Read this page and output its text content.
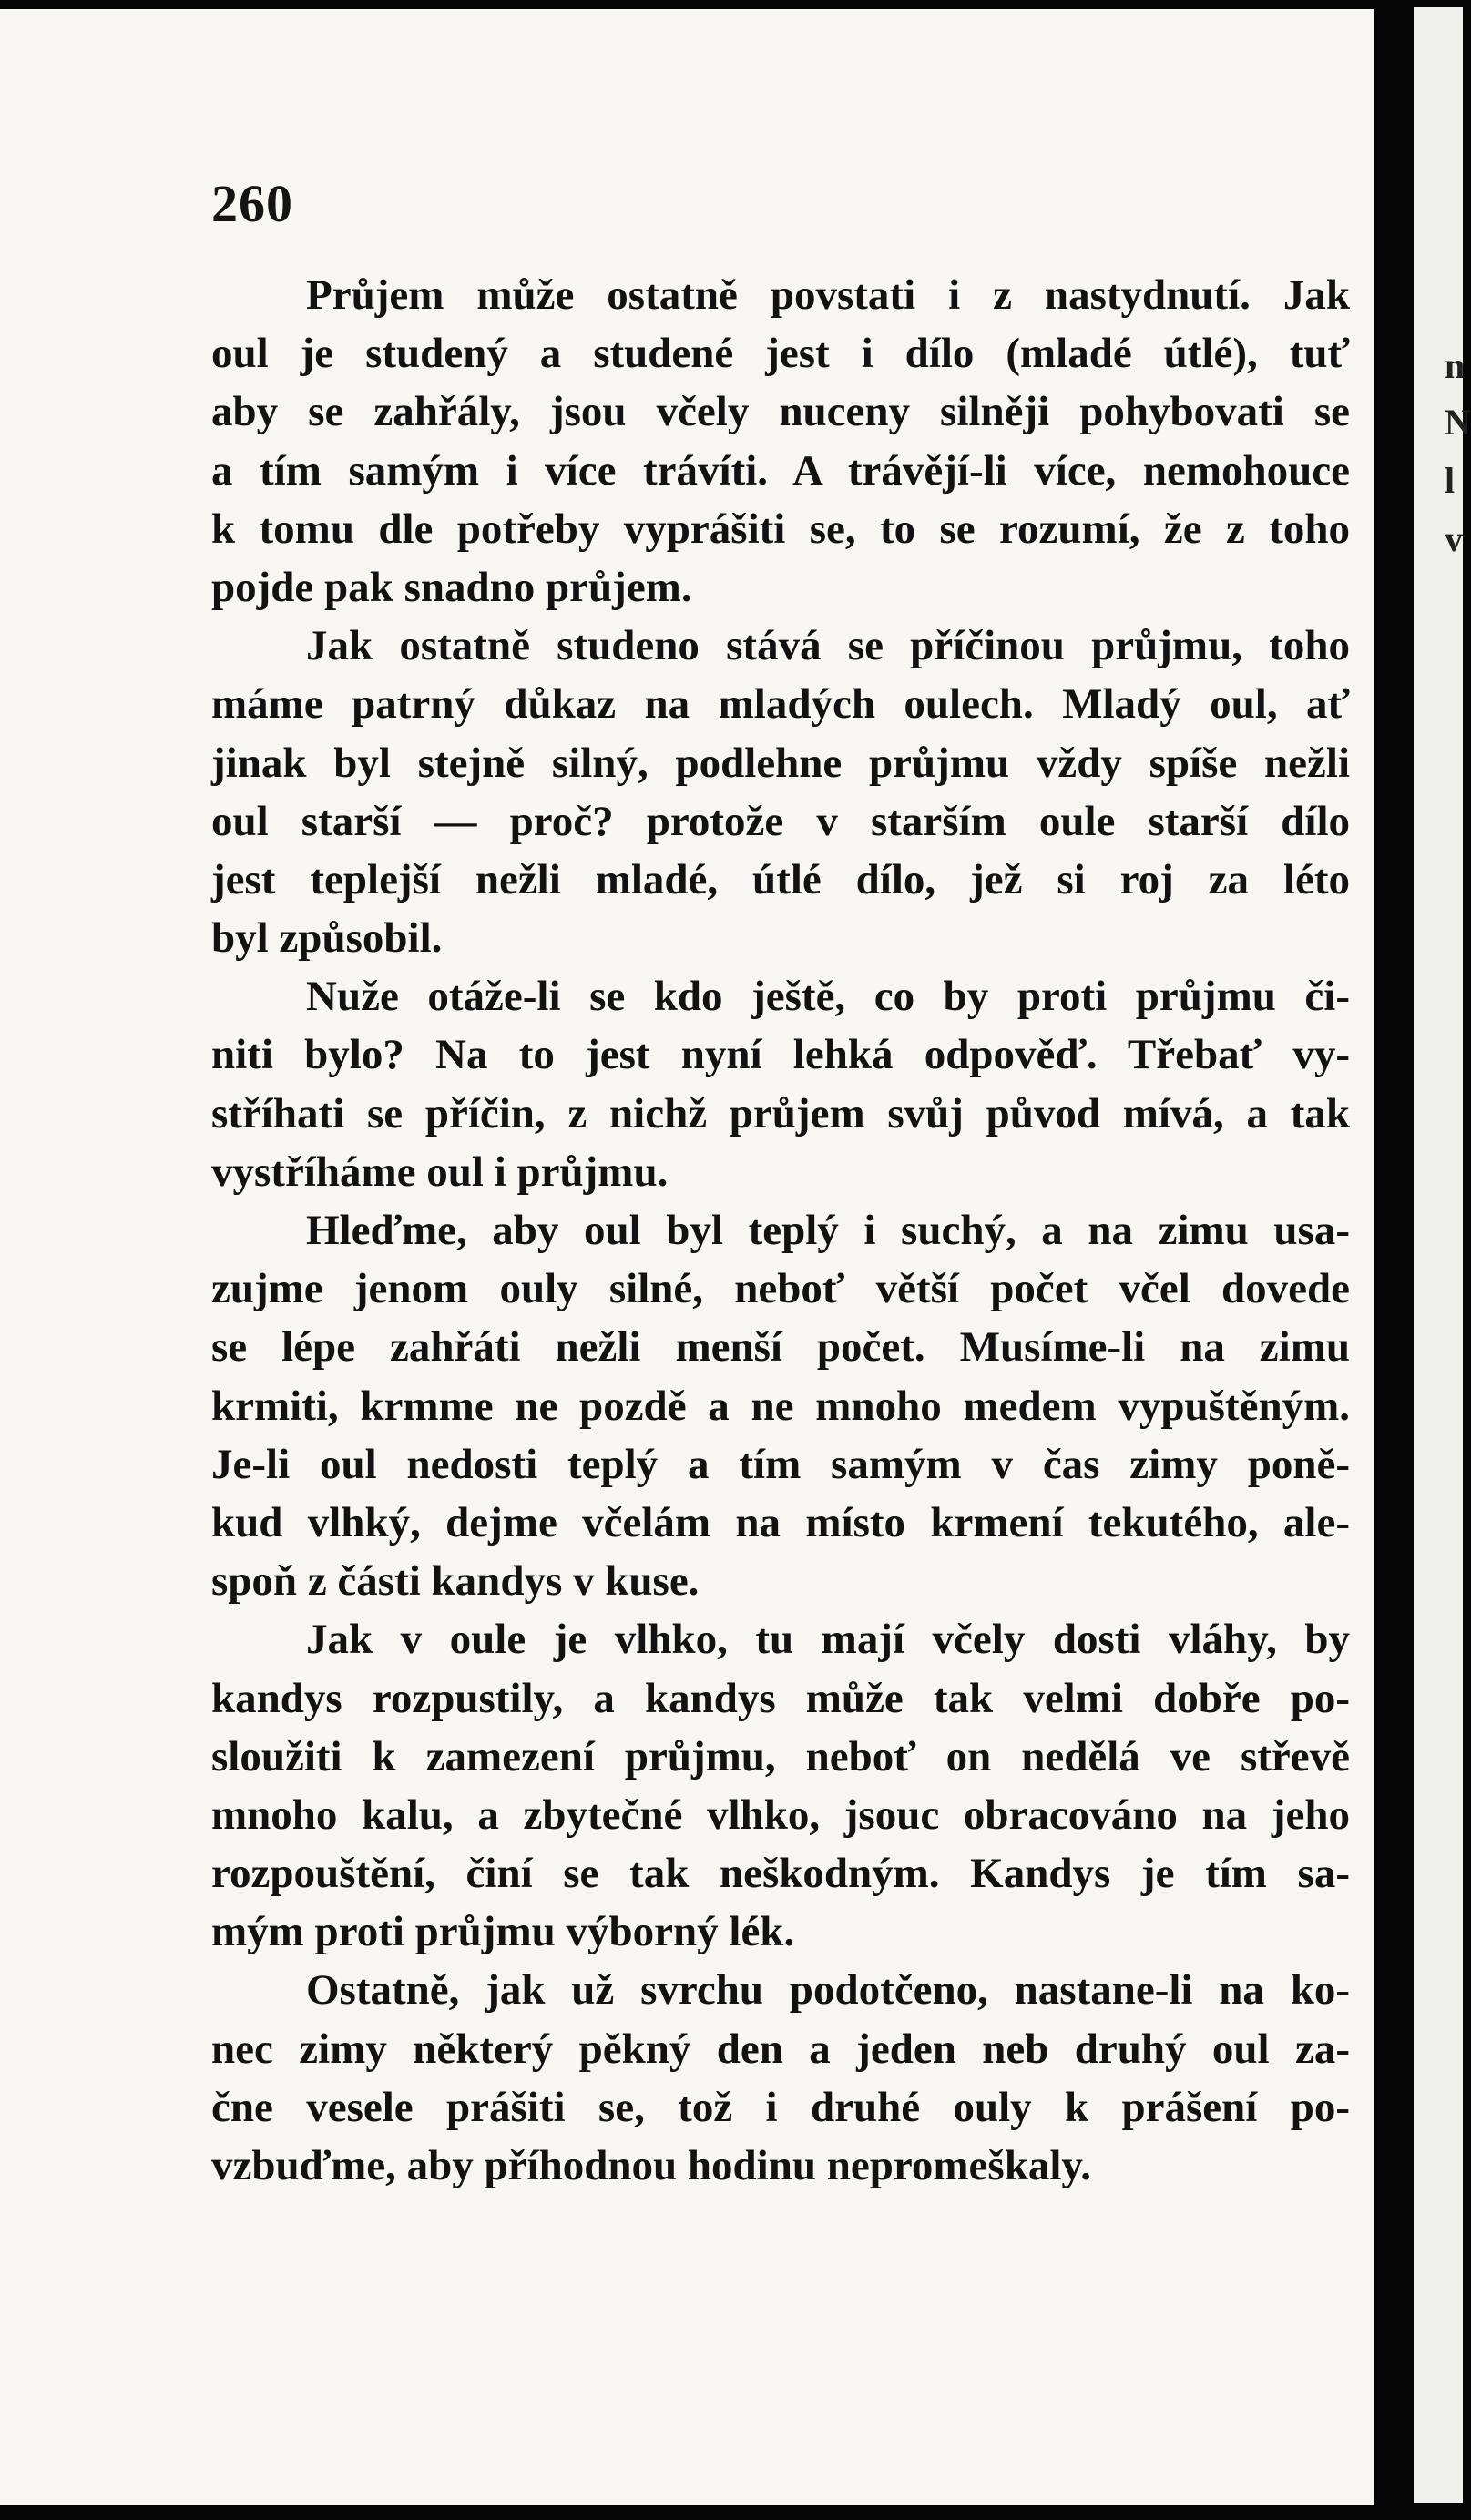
260
Průjem může ostatně povstati i z nastydnutí. Jak
oul je studený a studené jest i dílo (mladé útlé), tuť
aby se zahřály, jsou včely nuceny silněji pohybovati se
a tím samým i více trávíti. A trávějí-li více, nemohouce
k tomu dle potřeby vyprášiti se, to se rozumí, že z toho
pojde pak snadno průjem.
Jak ostatně studeno stává se příčinou průjmu, toho
máme patrný důkaz na mladých oulech. Mladý oul, ať
jinak byl stejně silný, podlehne průjmu vždy spíše nežli
oul starší — proč? protože v starším oule starší dílo
jest teplejší nežli mladé, útlé dílo, jež si roj za léto
byl způsobil.
Nuže otáže-li se kdo ještě, co by proti průjmu či-
niti bylo? Na to jest nyní lehká odpověď. Třebať vy-
stříhati se příčin, z nichž průjem svůj původ mívá, a tak
vystříháme oul i průjmu.
Hleďme, aby oul byl teplý i suchý, a na zimu usa-
zujme jenom ouly silné, neboť větší počet včel dovede
se lépe zahřáti nežli menší počet. Musíme-li na zimu
krmiti, krmme ne pozdě a ne mnoho medem vypuštěným.
Je-li oul nedosti teplý a tím samým v čas zimy poně-
kud vlhký, dejme včelám na místo krmení tekutého, ale-
spoň z části kandys v kuse.
Jak v oule je vlhko, tu mají včely dosti vláhy, by
kandys rozpustily, a kandys může tak velmi dobře po-
sloužiti k zamezení průjmu, neboť on nedělá ve střevě
mnoho kalu, a zbytečné vlhko, jsouc obracováno na jeho
rozpouštění, činí se tak neškodným. Kandys je tím sa-
mým proti průjmu výborný lék.
Ostatně, jak už svrchu podotčeno, nastane-li na ko-
nec zimy některý pěkný den a jeden neb druhý oul za-
čne vesele prášiti se, tož i druhé ouly k prášení po-
vzbuďme, aby příhodnou hodinu nepromeškaly.
n
N
l
v
